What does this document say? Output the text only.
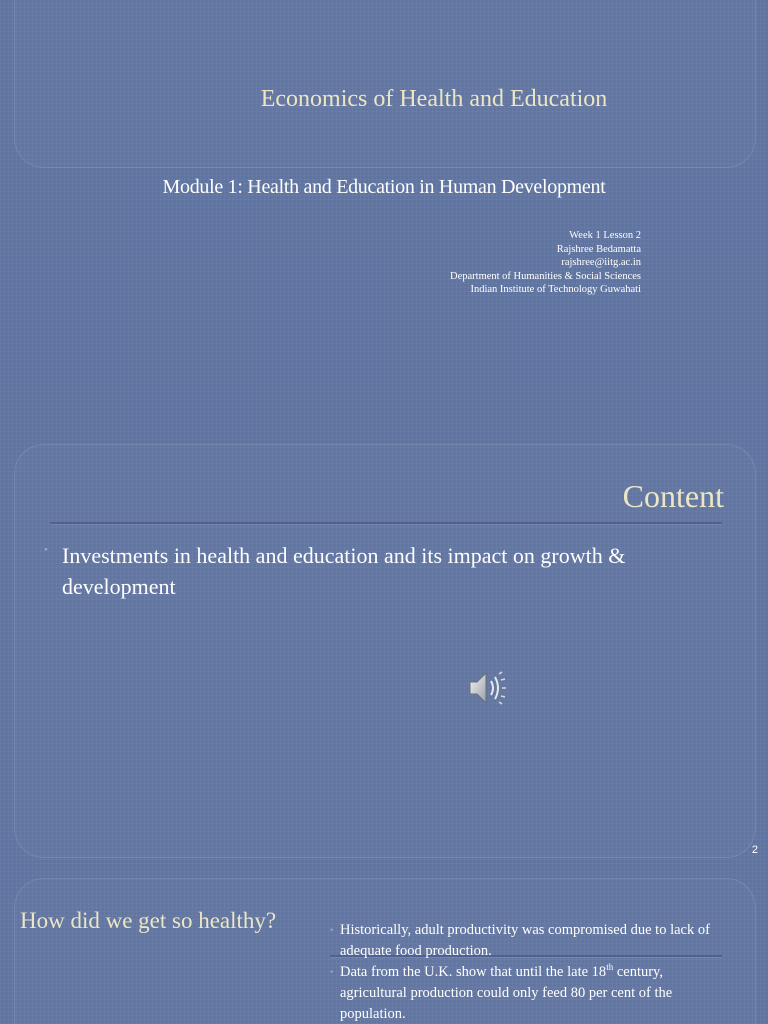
Economics of Health and Education
Module 1: Health and Education in Human Development
Week 1 Lesson 2
Rajshree Bedamatta
rajshree@iitg.ac.in
Department of Humanities & Social Sciences
Indian Institute of Technology Guwahati
Content
• Investments in health and education and its impact on growth & development
2
How did we get so healthy?	• Historically, adult productivity was compromised due to lack of adequate food production.
• Data from the U.K. show that until the late 18th century, agricultural production could only feed 80 per cent of the population.
